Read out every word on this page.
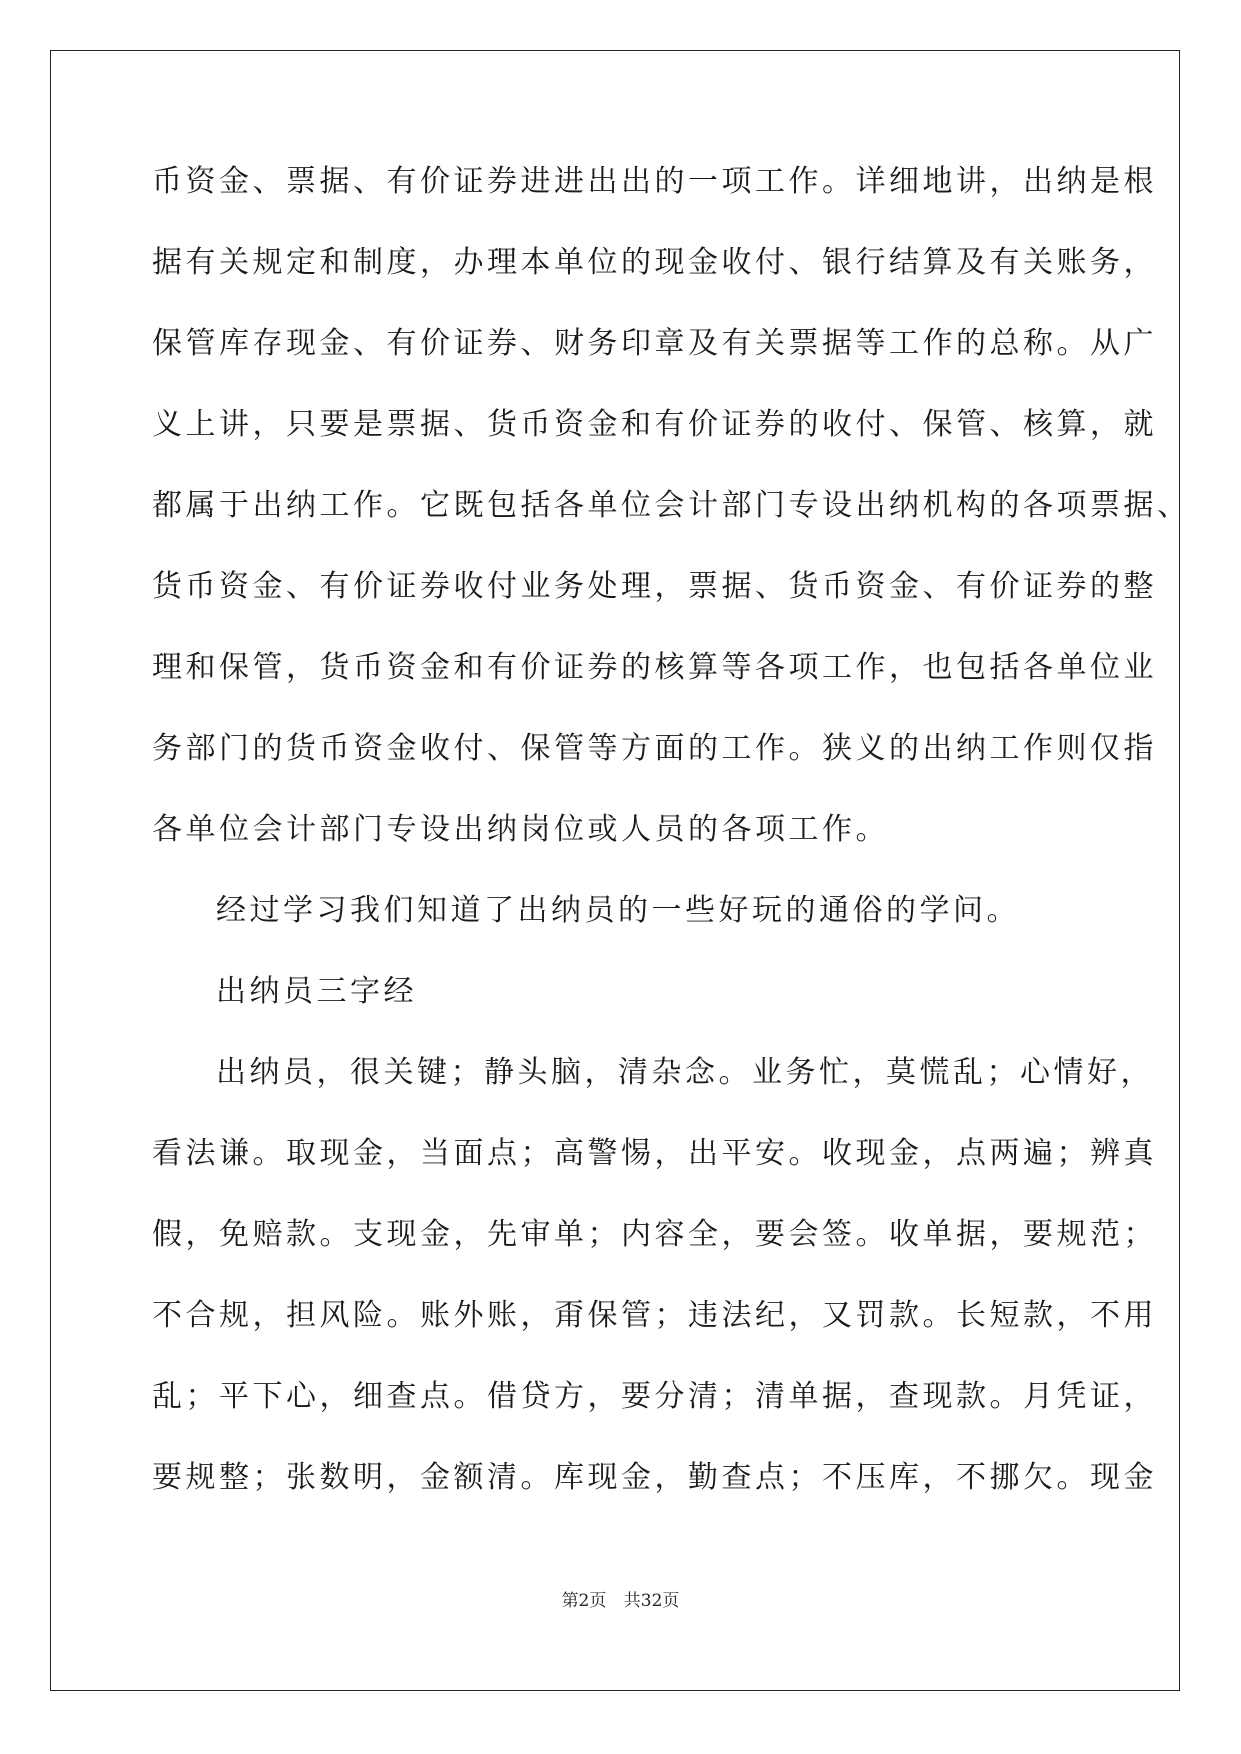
币资金、票据、有价证券进进出出的一项工作。详细地讲，出纳是根
据有关规定和制度，办理本单位的现金收付、银行结算及有关账务，
保管库存现金、有价证券、财务印章及有关票据等工作的总称。从广
义上讲，只要是票据、货币资金和有价证券的收付、保管、核算，就
都属于出纳工作。它既包括各单位会计部门专设出纳机构的各项票据、
货币资金、有价证券收付业务处理，票据、货币资金、有价证券的整
理和保管，货币资金和有价证券的核算等各项工作，也包括各单位业
务部门的货币资金收付、保管等方面的工作。狭义的出纳工作则仅指
各单位会计部门专设出纳岗位或人员的各项工作。
经过学习我们知道了出纳员的一些好玩的通俗的学问。
出纳员三字经
出纳员，很关键；静头脑，清杂念。业务忙，莫慌乱；心情好，
看法谦。取现金，当面点；高警惕，出平安。收现金，点两遍；辨真
假，免赔款。支现金，先审单；内容全，要会签。收单据，要规范；
不合规，担风险。账外账，甭保管；违法纪，又罚款。长短款，不用
乱；平下心，细查点。借贷方，要分清；清单据，查现款。月凭证，
要规整；张数明，金额清。库现金，勤查点；不压库，不挪欠。现金
第2页 共32页
